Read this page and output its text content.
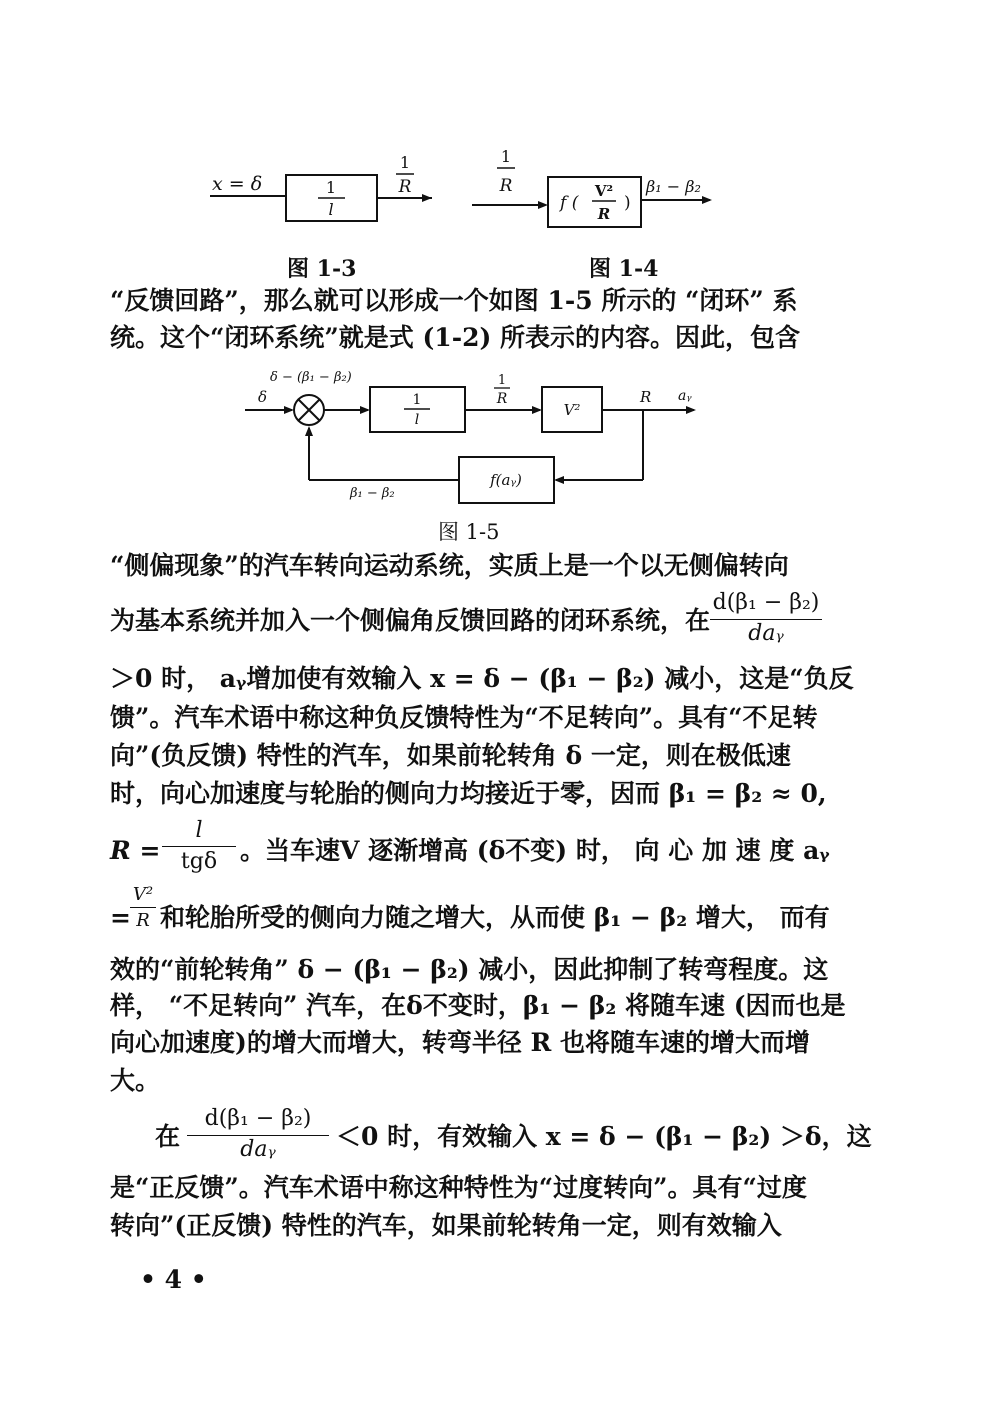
x = δ	1
l
1
R
1
R
f (
V²
R
)
β₁ − β₂
图 1-3	图 1-4
“反馈回路”，那么就可以形成一个如图 1-5 所示的 “闭环” 系
统。这个“闭环系统”就是式 (1-2) 所表示的内容。因此，包含
δ − (β₁ − β₂)
δ	1
l
1
R
V²
R aᵧ
f(aᵧ)
β₁ − β₂
图 1-5
“侧偏现象”的汽车转向运动系统，实质上是一个以无侧偏转向
为基本系统并加入一个侧偏角反馈回路的闭环系统，在
d(β₁ − β₂)
daᵧ
＞0 时， aᵧ增加使有效输入 x = δ − (β₁ − β₂) 减小，这是“负反
馈”。汽车术语中称这种负反馈特性为“不足转向”。具有“不足转
向”(负反馈) 特性的汽车，如果前轮转角 δ 一定，则在极低速
时，向心加速度与轮胎的侧向力均接近于零，因而 β₁ = β₂ ≈ 0,
R =
l
tgδ 。当车速V 逐渐增高 (δ不变) 时， 向 心 加 速 度 aᵧ
=
V²
R 和轮胎所受的侧向力随之增大，从而使 β₁ − β₂ 增大， 而有
效的“前轮转角” δ − (β₁ − β₂) 减小，因此抑制了转弯程度。这
样， “不足转向” 汽车，在δ不变时，β₁ − β₂ 将随车速 (因而也是
向心加速度)的增大而增大，转弯半径 R 也将随车速的增大而增
大。
在
d(β₁ − β₂)
daᵧ	＜0 时，有效输入 x = δ − (β₁ − β₂) ＞δ，这
是“正反馈”。汽车术语中称这种特性为“过度转向”。具有“过度
转向”(正反馈) 特性的汽车，如果前轮转角一定，则有效输入
• 4 •
